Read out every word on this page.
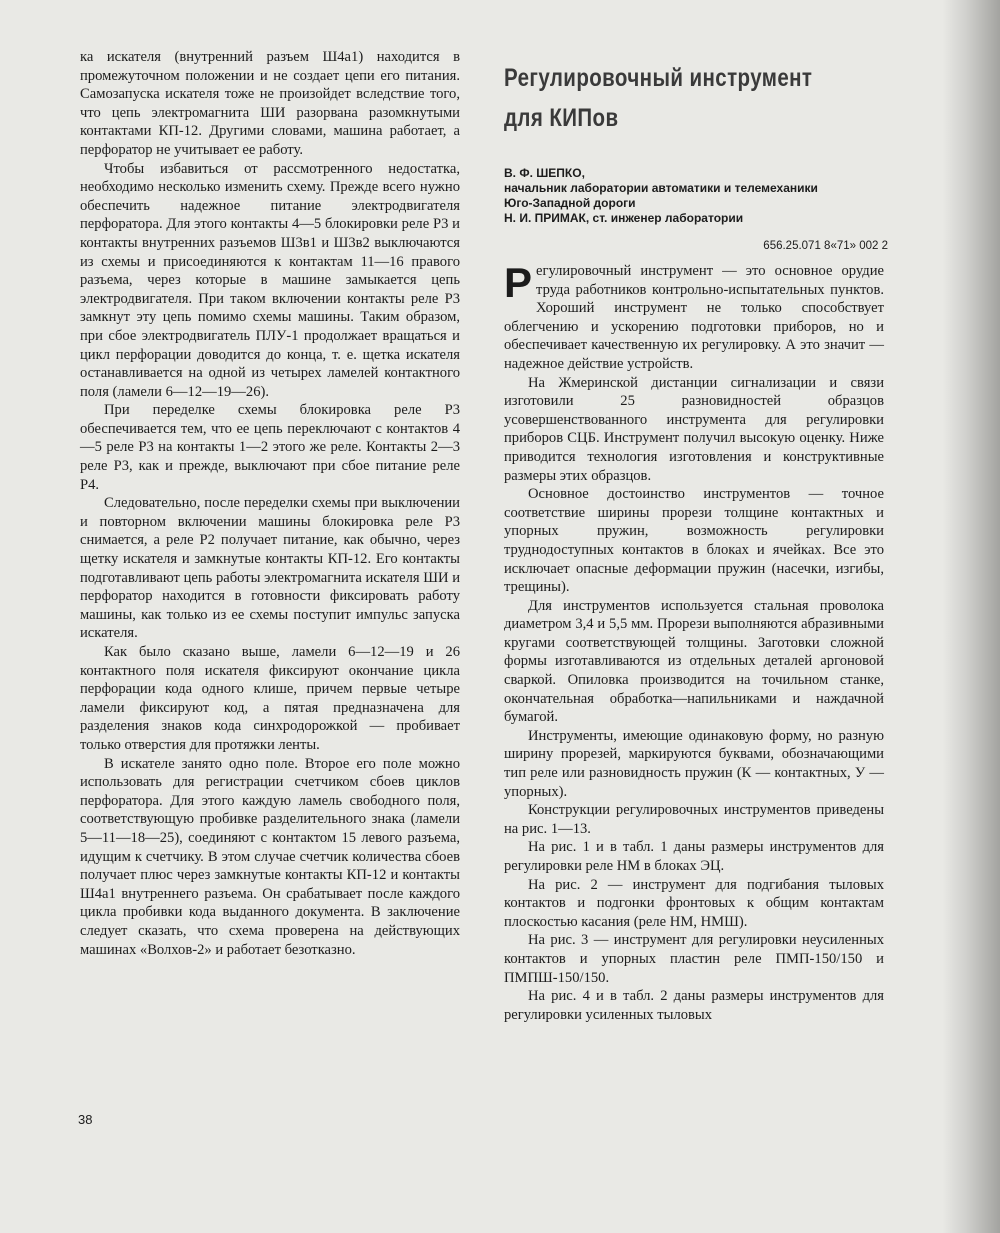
ка искателя (внутренний разъем Ш4а1) находится в промежуточном положении и не создает цепи его питания. Самозапуска искателя тоже не произойдет вследствие того, что цепь электромагнита ШИ разорвана разомкнутыми контактами КП-12. Другими словами, машина работает, а перфоратор не учитывает ее работу.

Чтобы избавиться от рассмотренного недостатка, необходимо несколько изменить схему. Прежде всего нужно обеспечить надежное питание электродвигателя перфоратора. Для этого контакты 4—5 блокировки реле Р3 и контакты внутренних разъемов Ш3в1 и Ш3в2 выключаются из схемы и присоединяются к контактам 11—16 правого разъема, через которые в машине замыкается цепь электродвигателя. При таком включении контакты реле Р3 замкнут эту цепь помимо схемы машины. Таким образом, при сбое электродвигатель ПЛУ-1 продолжает вращаться и цикл перфорации доводится до конца, т. е. щетка искателя останавливается на одной из четырех ламелей контактного поля (ламели 6—12—19—26).

При переделке схемы блокировка реле Р3 обеспечивается тем, что ее цепь переключают с контактов 4—5 реле Р3 на контакты 1—2 этого же реле. Контакты 2—3 реле Р3, как и прежде, выключают при сбое питание реле Р4.

Следовательно, после переделки схемы при выключении и повторном включении машины блокировка реле Р3 снимается, а реле Р2 получает питание, как обычно, через щетку искателя и замкнутые контакты КП-12. Его контакты подготавливают цепь работы электромагнита искателя ШИ и перфоратор находится в готовности фиксировать работу машины, как только из ее схемы поступит импульс запуска искателя.

Как было сказано выше, ламели 6—12—19 и 26 контактного поля искателя фиксируют окончание цикла перфорации кода одного клише, причем первые четыре ламели фиксируют код, а пятая предназначена для разделения знаков кода синхродорожкой — пробивает только отверстия для протяжки ленты.

В искателе занято одно поле. Второе его поле можно использовать для регистрации счетчиком сбоев циклов перфоратора. Для этого каждую ламель свободного поля, соответствующую пробивке разделительного знака (ламели 5—11—18—25), соединяют с контактом 15 левого разъема, идущим к счетчику. В этом случае счетчик количества сбоев получает плюс через замкнутые контакты КП-12 и контакты Ш4а1 внутреннего разъема. Он срабатывает после каждого цикла пробивки кода выданного документа. В заключение следует сказать, что схема проверена на действующих машинах «Волхов-2» и работает безотказно.

38
Регулировочный инструмент
для КИПов
В. Ф. ШЕПКО,
начальник лаборатории автоматики и телемеханики
Юго-Западной дороги
Н. И. ПРИМАК, ст. инженер лаборатории
656.25.071 8«71» 002 2

Регулировочный инструмент — это основное орудие труда работников контрольно-испытательных пунктов. Хороший инструмент не только способствует облегчению и ускорению подготовки приборов, но и обеспечивает качественную их регулировку. А это значит — надежное действие устройств.

На Жмеринской дистанции сигнализации и связи изготовили 25 разновидностей образцов усовершенствованного инструмента для регулировки приборов СЦБ. Инструмент получил высокую оценку. Ниже приводится технология изготовления и конструктивные размеры этих образцов.

Основное достоинство инструментов — точное соответствие ширины прорези толщине контактных и упорных пружин, возможность регулировки труднодоступных контактов в блоках и ячейках. Все это исключает опасные деформации пружин (насечки, изгибы, трещины).

Для инструментов используется стальная проволока диаметром 3,4 и 5,5 мм. Прорези выполняются абразивными кругами соответствующей толщины. Заготовки сложной формы изготавливаются из отдельных деталей аргоновой сваркой. Опиловка производится на точильном станке, окончательная обработка—напильниками и наждачной бумагой.

Инструменты, имеющие одинаковую форму, но разную ширину прорезей, маркируются буквами, обозначающими тип реле или разновидность пружин (К — контактных, У — упорных).

Конструкции регулировочных инструментов приведены на рис. 1—13.

На рис. 1 и в табл. 1 даны размеры инструментов для регулировки реле НМ в блоках ЭЦ.

На рис. 2 — инструмент для подгибания тыловых контактов и подгонки фронтовых к общим контактам плоскостью касания (реле НМ, НМШ).

На рис. 3 — инструмент для регулировки неусиленных контактов и упорных пластин реле ПМП-150/150 и ПМПШ-150/150.

На рис. 4 и в табл. 2 даны размеры инструментов для регулировки усиленных тыловых
